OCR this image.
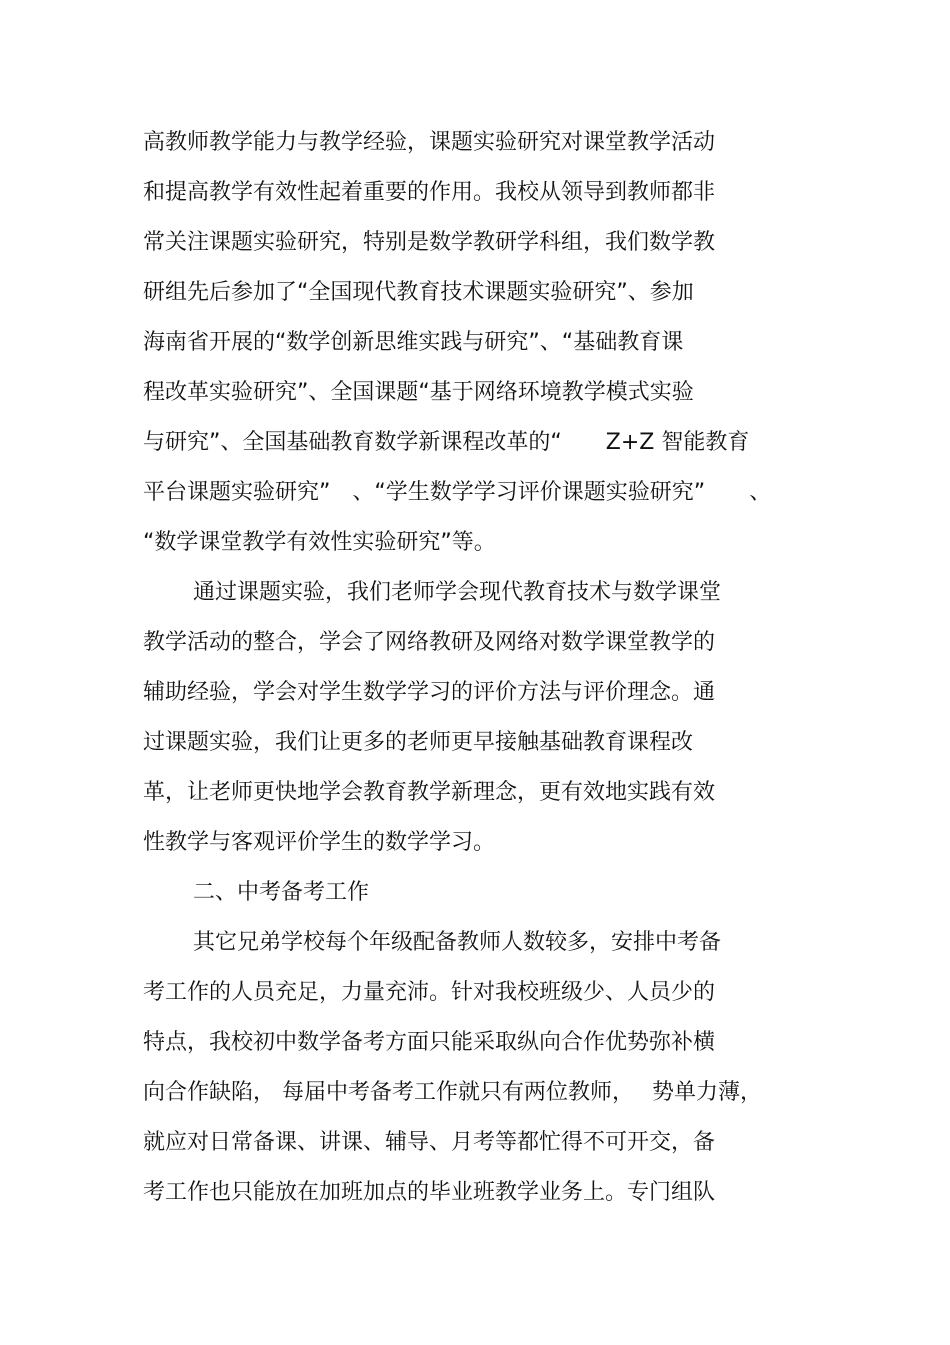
高教师教学能力与教学经验，课题实验研究对课堂教学活动
和提高教学有效性起着重要的作用。我校从领导到教师都非
常关注课题实验研究，特别是数学教研学科组，我们数学教
研组先后参加了“全国现代教育技术课题实验研究”、参加
海南省开展的“数学创新思维实践与研究”、“基础教育课
程改革实验研究”、全国课题“基于网络环境教学模式实验
与研究”、全国基础教育数学新课程改革的“　　Z+Z 智能教育
平台课题实验研究”　、“学生数学学习评价课题实验研究”　　、
“数学课堂教学有效性实验研究”等。
通过课题实验，我们老师学会现代教育技术与数学课堂
教学活动的整合，学会了网络教研及网络对数学课堂教学的
辅助经验，学会对学生数学学习的评价方法与评价理念。通
过课题实验，我们让更多的老师更早接触基础教育课程改
革，让老师更快地学会教育教学新理念，更有效地实践有效
性教学与客观评价学生的数学学习。
二、中考备考工作
其它兄弟学校每个年级配备教师人数较多，安排中考备
考工作的人员充足，力量充沛。针对我校班级少、人员少的
特点，我校初中数学备考方面只能采取纵向合作优势弥补横
向合作缺陷， 每届中考备考工作就只有两位教师，　 势单力薄，
就应对日常备课、讲课、辅导、月考等都忙得不可开交，备
考工作也只能放在加班加点的毕业班教学业务上。专门组队
